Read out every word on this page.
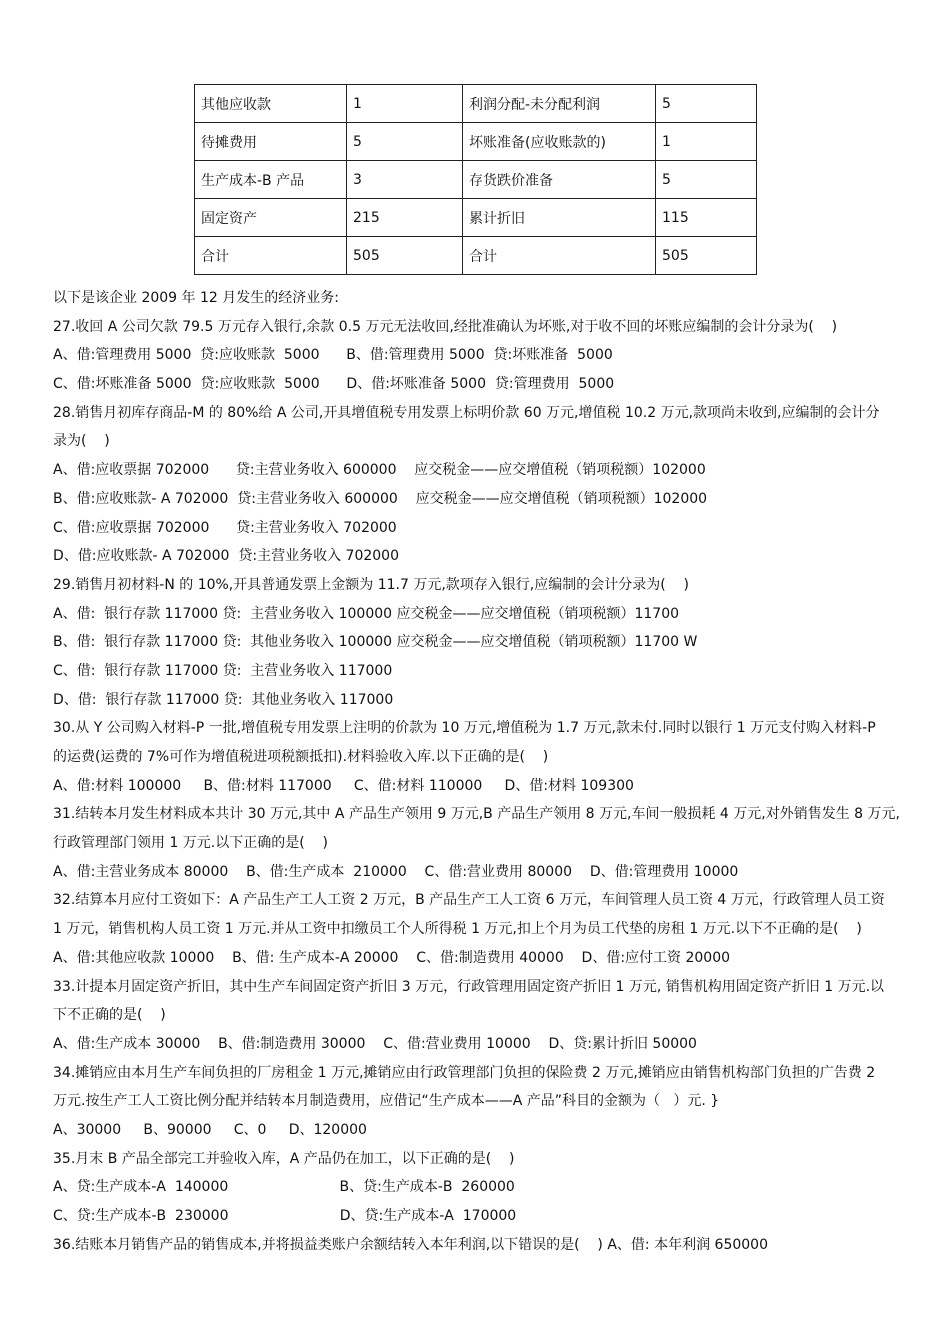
其他应收款	1	利润分配-未分配利润	5
待摊费用	5	坏账准备(应收账款的)	1
生产成本-B 产品	3	存货跌价准备	5
固定资产	215	累计折旧	115
合计	505	合计	505
以下是该企业 2009 年 12 月发生的经济业务:
27.收回 A 公司欠款 79.5 万元存入银行,余款 0.5 万元无法收回,经批准确认为坏账,对于收不回的坏账应编制的会计分录为(    )
A、借:管理费用 5000  贷:应收账款  5000      B、借:管理费用 5000  贷:坏账准备  5000
C、借:坏账准备 5000  贷:应收账款  5000      D、借:坏账准备 5000  贷:管理费用  5000
28.销售月初库存商品-M 的 80%给 A 公司,开具增值税专用发票上标明价款 60 万元,增值税 10.2 万元,款项尚未收到,应编制的会计分
录为(    )
A、借:应收票据 702000      贷:主营业务收入 600000    应交税金——应交增值税（销项税额）102000
B、借:应收账款- A 702000  贷:主营业务收入 600000    应交税金——应交增值税（销项税额）102000
C、借:应收票据 702000      贷:主营业务收入 702000
D、借:应收账款- A 702000  贷:主营业务收入 702000
29.销售月初材料-N 的 10%,开具普通发票上金额为 11.7 万元,款项存入银行,应编制的会计分录为(    )
A、借:  银行存款 117000 贷:  主营业务收入 100000 应交税金——应交增值税（销项税额）11700
B、借:  银行存款 117000 贷:  其他业务收入 100000 应交税金——应交增值税（销项税额）11700 W
C、借:  银行存款 117000 贷:  主营业务收入 117000
D、借:  银行存款 117000 贷:  其他业务收入 117000
30.从 Y 公司购入材料-P 一批,增值税专用发票上注明的价款为 10 万元,增值税为 1.7 万元,款未付.同时以银行 1 万元支付购入材料-P
的运费(运费的 7%可作为增值税进项税额抵扣).材料验收入库.以下正确的是(    )
A、借:材料 100000     B、借:材料 117000     C、借:材料 110000     D、借:材料 109300
31.结转本月发生材料成本共计 30 万元,其中 A 产品生产领用 9 万元,B 产品生产领用 8 万元,车间一般损耗 4 万元,对外销售发生 8 万元,
行政管理部门领用 1 万元.以下正确的是(    )
A、借:主营业务成本 80000    B、借:生产成本  210000    C、借:营业费用 80000    D、借:管理费用 10000
32.结算本月应付工资如下：A 产品生产工人工资 2 万元，B 产品生产工人工资 6 万元，车间管理人员工资 4 万元，行政管理人员工资
1 万元，销售机构人员工资 1 万元.并从工资中扣缴员工个人所得税 1 万元,扣上个月为员工代垫的房租 1 万元.以下不正确的是(    )
A、借:其他应收款 10000    B、借: 生产成本-A 20000    C、借:制造费用 40000    D、借:应付工资 20000
33.计提本月固定资产折旧，其中生产车间固定资产折旧 3 万元，行政管理用固定资产折旧 1 万元, 销售机构用固定资产折旧 1 万元.以
下不正确的是(    )
A、借:生产成本 30000    B、借:制造费用 30000    C、借:营业费用 10000    D、贷:累计折旧 50000
34.摊销应由本月生产车间负担的厂房租金 1 万元,摊销应由行政管理部门负担的保险费 2 万元,摊销应由销售机构部门负担的广告费 2
万元.按生产工人工资比例分配并结转本月制造费用，应借记“生产成本——A 产品”科目的金额为（   ）元. }
A、30000     B、90000     C、0     D、120000
35.月末 B 产品全部完工并验收入库，A 产品仍在加工，以下正确的是(    )
A、贷:生产成本-A  140000                         B、贷:生产成本-B  260000
C、贷:生产成本-B  230000                         D、贷:生产成本-A  170000
36.结账本月销售产品的销售成本,并将损益类账户余额结转入本年利润,以下错误的是(    ) A、借: 本年利润 650000
